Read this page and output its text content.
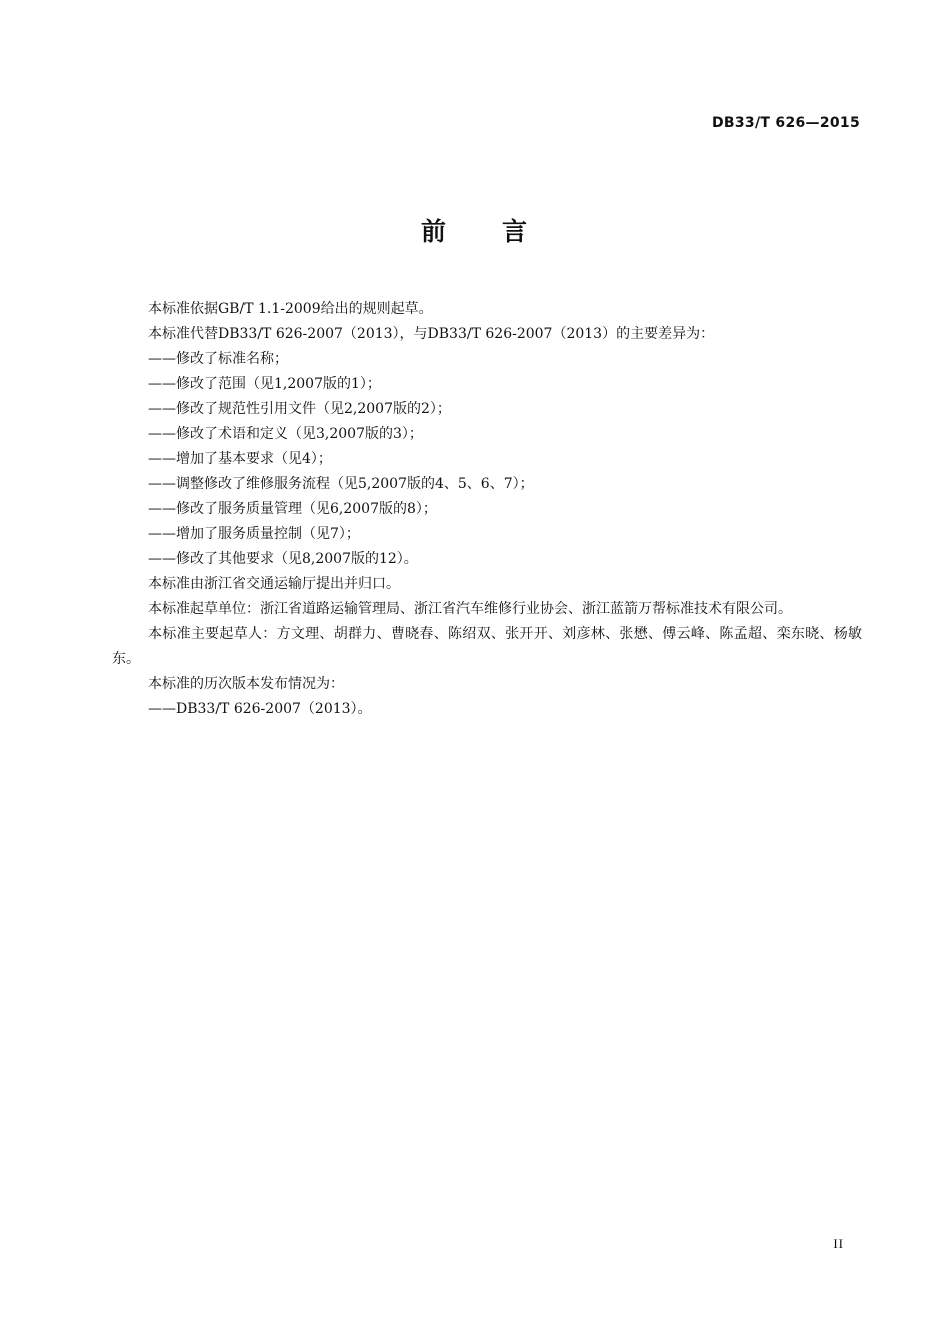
DB33/T 626—2015
前 言

本标准依据GB/T 1.1-2009给出的规则起草。

本标准代替DB33/T 626-2007（2013），与DB33/T 626-2007（2013）的主要差异为：

——修改了标准名称；

——修改了范围（见1,2007版的1）；

——修改了规范性引用文件（见2,2007版的2）；

——修改了术语和定义（见3,2007版的3）；

——增加了基本要求（见4）；

——调整修改了维修服务流程（见5,2007版的4、5、6、7）；

——修改了服务质量管理（见6,2007版的8）；

——增加了服务质量控制（见7）；

——修改了其他要求（见8,2007版的12）。

本标准由浙江省交通运输厅提出并归口。

本标准起草单位：浙江省道路运输管理局、浙江省汽车维修行业协会、浙江蓝箭万帮标准技术有限公司。

本标准主要起草人：方文理、胡群力、曹晓春、陈绍双、张开开、刘彦林、张懋、傅云峰、陈孟超、栾东晓、杨敏东。

本标准的历次版本发布情况为：

——DB33/T 626-2007（2013）。

II
